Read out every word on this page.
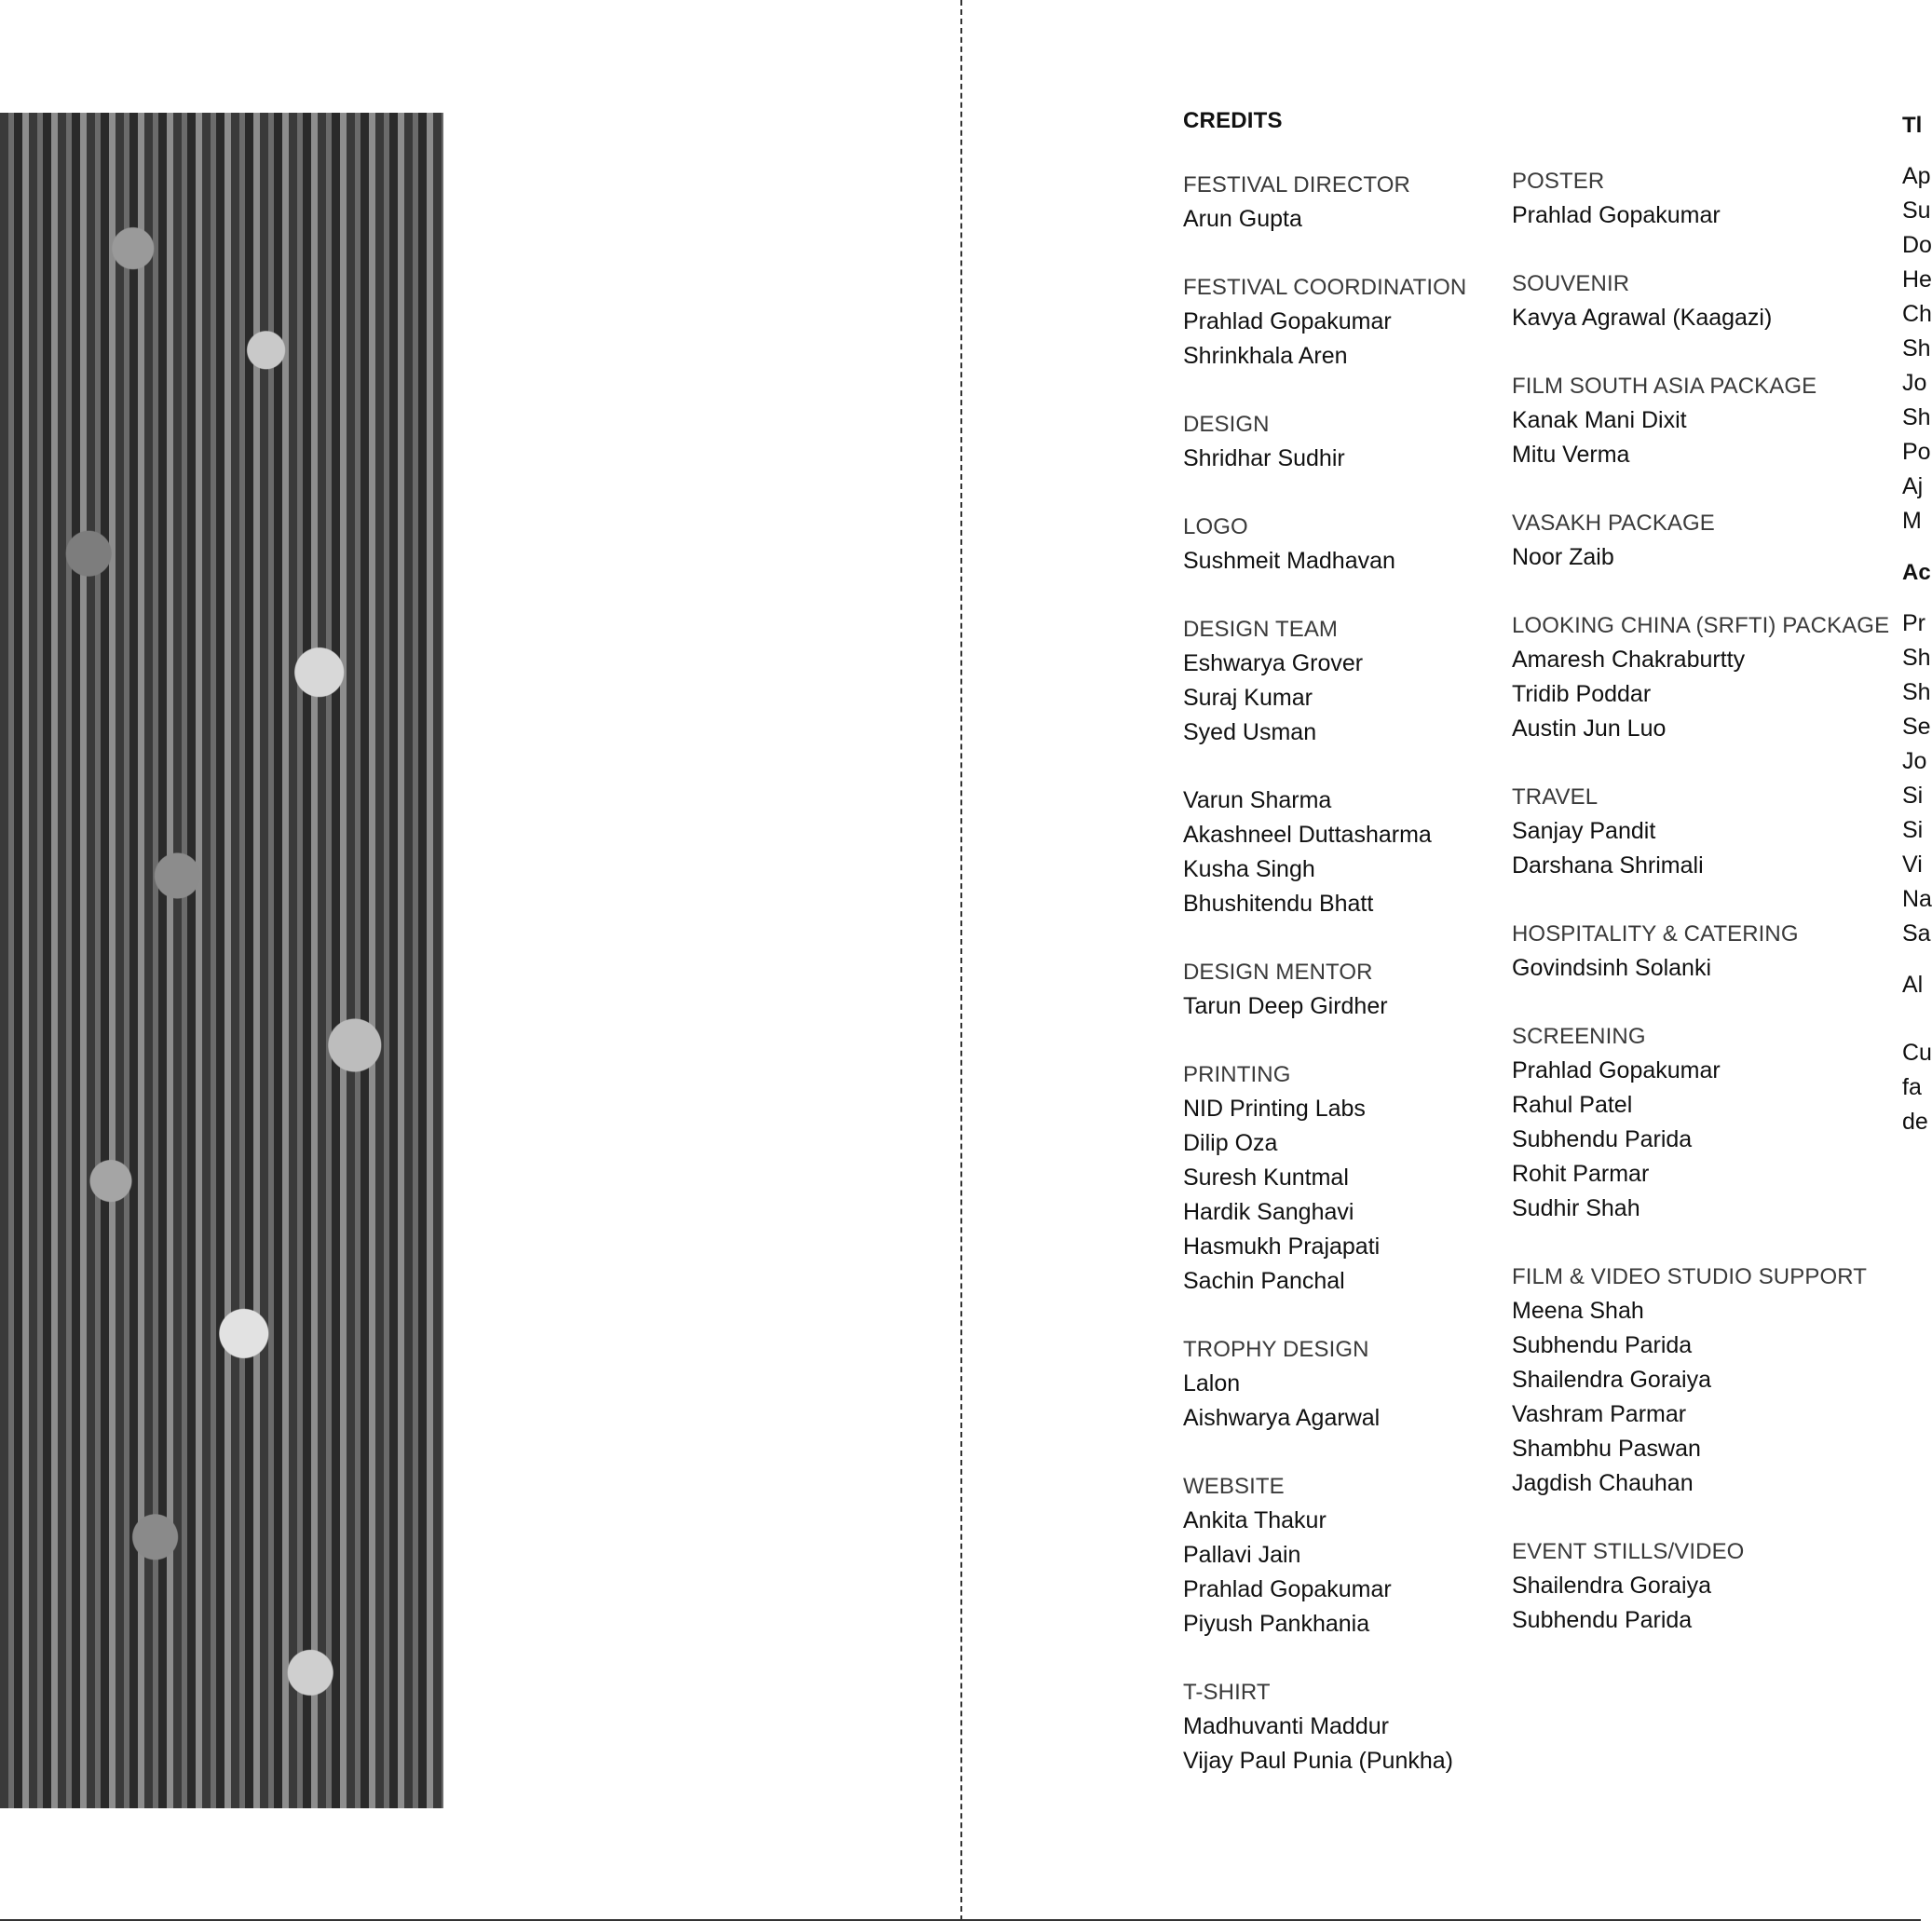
CREDITS
FESTIVAL DIRECTOR
Arun Gupta
FESTIVAL COORDINATION
Prahlad Gopakumar
Shrinkhala Aren
DESIGN
Shridhar Sudhir
LOGO
Sushmeit Madhavan
DESIGN TEAM
Eshwarya Grover
Suraj Kumar
Syed Usman
Varun Sharma
Akashneel Duttasharma
Kusha Singh
Bhushitendu Bhatt
DESIGN MENTOR
Tarun Deep Girdher
PRINTING
NID Printing Labs
Dilip Oza
Suresh Kuntmal
Hardik Sanghavi
Hasmukh Prajapati
Sachin Panchal
TROPHY DESIGN
Lalon
Aishwarya Agarwal
WEBSITE
Ankita Thakur
Pallavi Jain
Prahlad Gopakumar
Piyush Pankhania
T-SHIRT
Madhuvanti Maddur
Vijay Paul Punia (Punkha)
POSTER
Prahlad Gopakumar
SOUVENIR
Kavya Agrawal (Kaagazi)
FILM SOUTH ASIA PACKAGE
Kanak Mani Dixit
Mitu Verma
VASAKH PACKAGE
Noor Zaib
LOOKING CHINA (SRFTI) PACKAGE
Amaresh Chakraburtty
Tridib Poddar
Austin Jun Luo
TRAVEL
Sanjay Pandit
Darshana Shrimali
HOSPITALITY & CATERING
Govindsinh Solanki
SCREENING
Prahlad Gopakumar
Rahul Patel
Subhendu Parida
Rohit Parmar
Sudhir Shah
FILM & VIDEO STUDIO SUPPORT
Meena Shah
Subhendu Parida
Shailendra Goraiya
Vashram Parmar
Shambhu Paswan
Jagdish Chauhan
EVENT STILLS/VIDEO
Shailendra Goraiya
Subhendu Parida
Tl
Ap
Su
Do
He
Ch
Sh
Jo
Sh
Po
Aj
M
Ac
Pr
Sh
Sh
Se
Jo
Si
Si
Vi
Na
Sa
Al
Cu
fa
de
